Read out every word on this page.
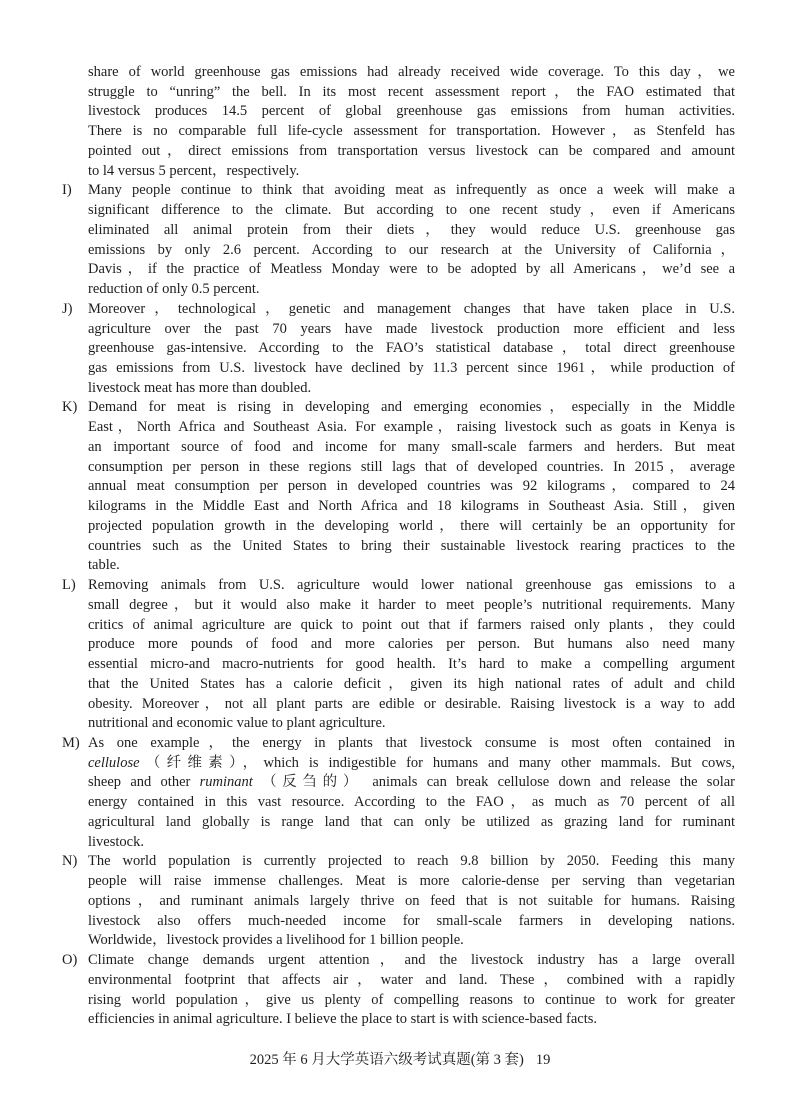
share of world greenhouse gas emissions had already received wide coverage. To this day，we
struggle to “unring” the bell. In its most recent assessment report，the FAO estimated that
livestock produces 14.5 percent of global greenhouse gas emissions from human activities.
There is no comparable full life-cycle assessment for transportation. However，as Stenfeld has
pointed out，direct emissions from transportation versus livestock can be compared and amount
to l4 versus 5 percent，respectively.
I) Many people continue to think that avoiding meat as infrequently as once a week will make a
significant difference to the climate. But according to one recent study，even if Americans
eliminated all animal protein from their diets，they would reduce U.S. greenhouse gas
emissions by only 2.6 percent. According to our research at the University of California，
Davis，if the practice of Meatless Monday were to be adopted by all Americans，we’d see a
reduction of only 0.5 percent.
J) Moreover，technological，genetic and management changes that have taken place in U.S.
agriculture over the past 70 years have made livestock production more efficient and less
greenhouse gas-intensive. According to the FAO’s statistical database，total direct greenhouse
gas emissions from U.S. livestock have declined by 11.3 percent since 1961，while production of
livestock meat has more than doubled.
K) Demand for meat is rising in developing and emerging economies，especially in the Middle
East，North Africa and Southeast Asia. For example，raising livestock such as goats in Kenya is
an important source of food and income for many small-scale farmers and herders. But meat
consumption per person in these regions still lags that of developed countries. In 2015，average
annual meat consumption per person in developed countries was 92 kilograms，compared to 24
kilograms in the Middle East and North Africa and 18 kilograms in Southeast Asia. Still，given
projected population growth in the developing world，there will certainly be an opportunity for
countries such as the United States to bring their sustainable livestock rearing practices to the
table.
L) Removing animals from U.S. agriculture would lower national greenhouse gas emissions to a
small degree，but it would also make it harder to meet people’s nutritional requirements. Many
critics of animal agriculture are quick to point out that if farmers raised only plants，they could
produce more pounds of food and more calories per person. But humans also need many
essential micro-and macro-nutrients for good health. It’s hard to make a compelling argument
that the United States has a calorie deficit，given its high national rates of adult and child
obesity. Moreover，not all plant parts are edible or desirable. Raising livestock is a way to add
nutritional and economic value to plant agriculture.
M) As one example，the energy in plants that livestock consume is most often contained in
cellulose（纤维素），which is indigestible for humans and many other mammals. But cows,
sheep and other ruminant （反刍的） animals can break cellulose down and release the solar
energy contained in this vast resource. According to the FAO，as much as 70 percent of all
agricultural land globally is range land that can only be utilized as grazing land for ruminant
livestock.
N) The world population is currently projected to reach 9.8 billion by 2050. Feeding this many
people will raise immense challenges. Meat is more calorie-dense per serving than vegetarian
options，and ruminant animals largely thrive on feed that is not suitable for humans. Raising
livestock also offers much-needed income for small-scale farmers in developing nations.
Worldwide，livestock provides a livelihood for 1 billion people.
O) Climate change demands urgent attention，and the livestock industry has a large overall
environmental footprint that affects air，water and land. These，combined with a rapidly
rising world population，give us plenty of compelling reasons to continue to work for greater
efficiencies in animal agriculture. I believe the place to start is with science-based facts.
2025 年 6 月大学英语六级考试真题(第 3 套) 19
